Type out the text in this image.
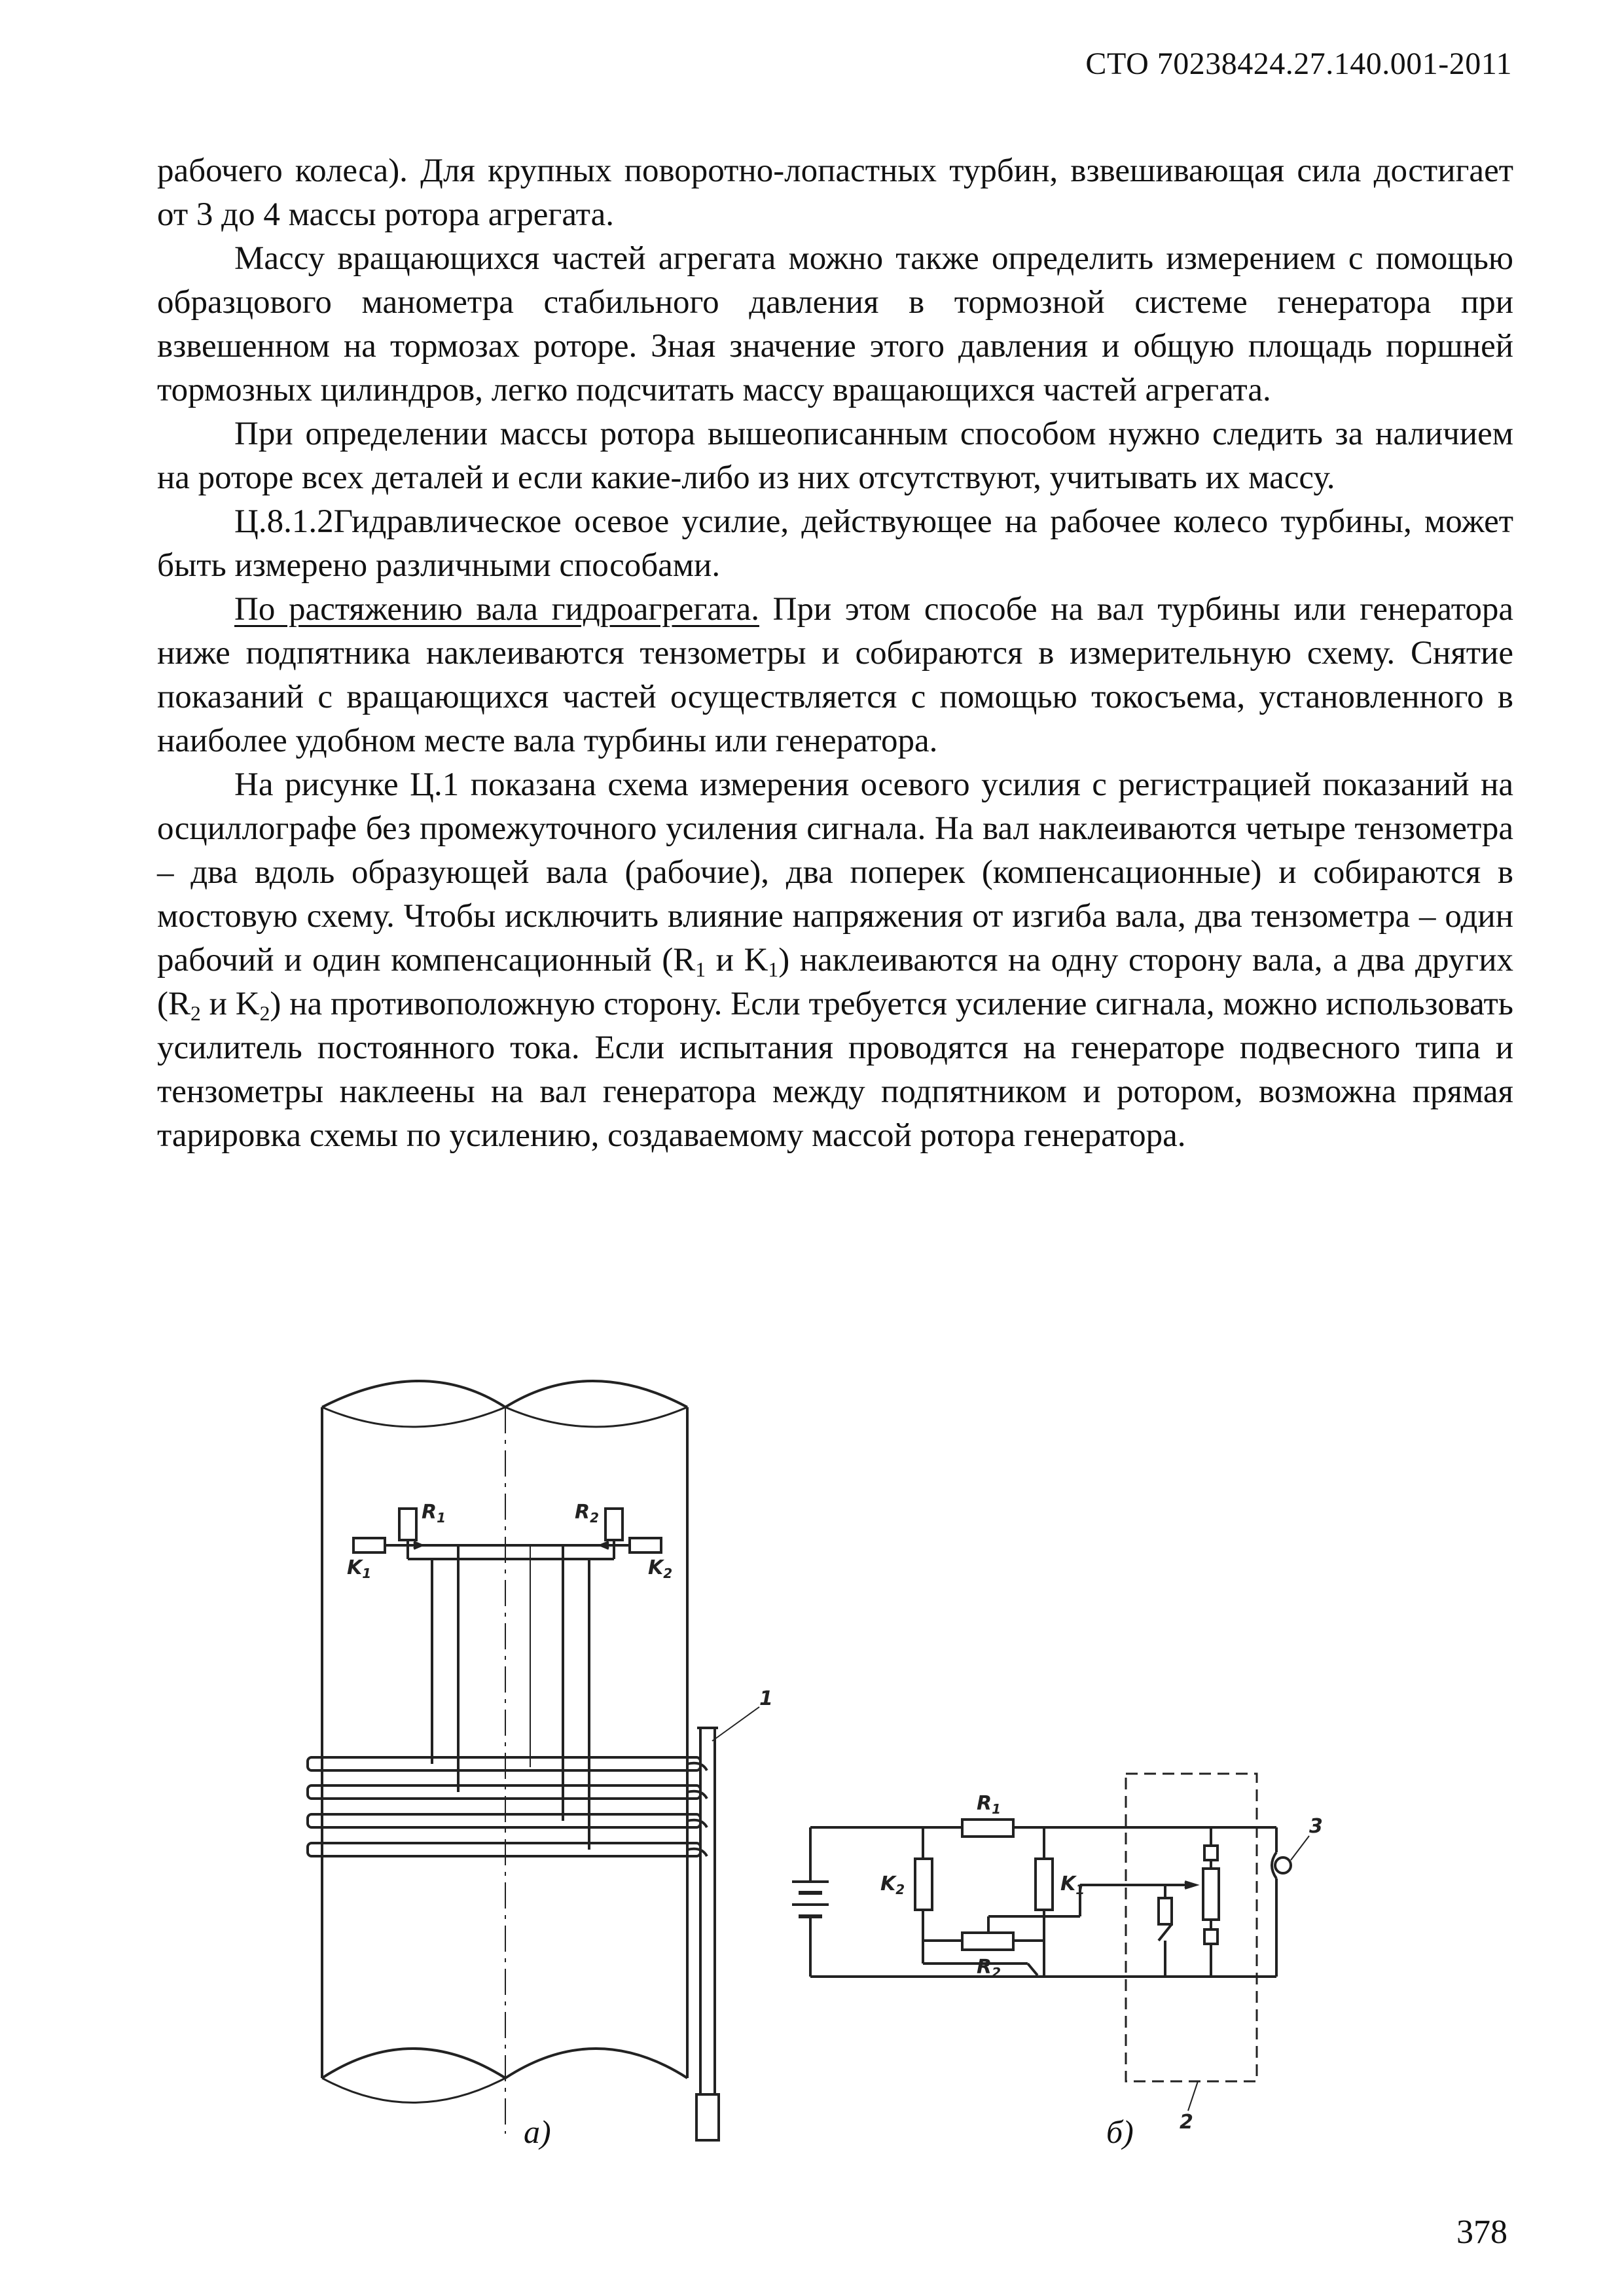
СТО 70238424.27.140.001-2011

рабочего колеса). Для крупных поворотно-лопастных турбин, взвешивающая сила достигает от 3 до 4 массы ротора агрегата.

Массу вращающихся частей агрегата можно также определить измерением с помощью образцового манометра стабильного давления в тормозной системе генератора при взвешенном на тормозах роторе. Зная значение этого давления и общую площадь поршней тормозных цилиндров, легко подсчитать массу вращающихся частей агрегата.

При определении массы ротора вышеописанным способом нужно следить за наличием на роторе всех деталей и если какие-либо из них отсутствуют, учитывать их массу.

Ц.8.1.2Гидравлическое осевое усилие, действующее на рабочее колесо турбины, может быть измерено различными способами.

По растяжению вала гидроагрегата. При этом способе на вал турбины или генератора ниже подпятника наклеиваются тензометры и собираются в измерительную схему. Снятие показаний с вращающихся частей осуществляется с помощью токосъема, установленного в наиболее удобном месте вала турбины или генератора.

На рисунке Ц.1 показана схема измерения осевого усилия с регистрацией показаний на осциллографе без промежуточного усиления сигнала. На вал наклеиваются четыре тензометра – два вдоль образующей вала (рабочие), два поперек (компенсационные) и собираются в мостовую схему. Чтобы исключить влияние напряжения от изгиба вала, два тензометра – один рабочий и один компенсационный ($R_1$ и $K_1$) наклеиваются на одну сторону вала, а два других ($R_2$ и $K_2$) на противоположную сторону. Если требуется усиление сигнала, можно использовать усилитель постоянного тока. Если испытания проводятся на генераторе подвесного типа и тензометры наклеены на вал генератора между подпятником и ротором, возможна прямая тарировка схемы по усилению, создаваемому массой ротора генератора.

$R_1$	$R_2$
$K_1$	$K_2$
1
$R_1$
$R_2$
$K_2$	$K_1$
2
3
а)	б)
378
